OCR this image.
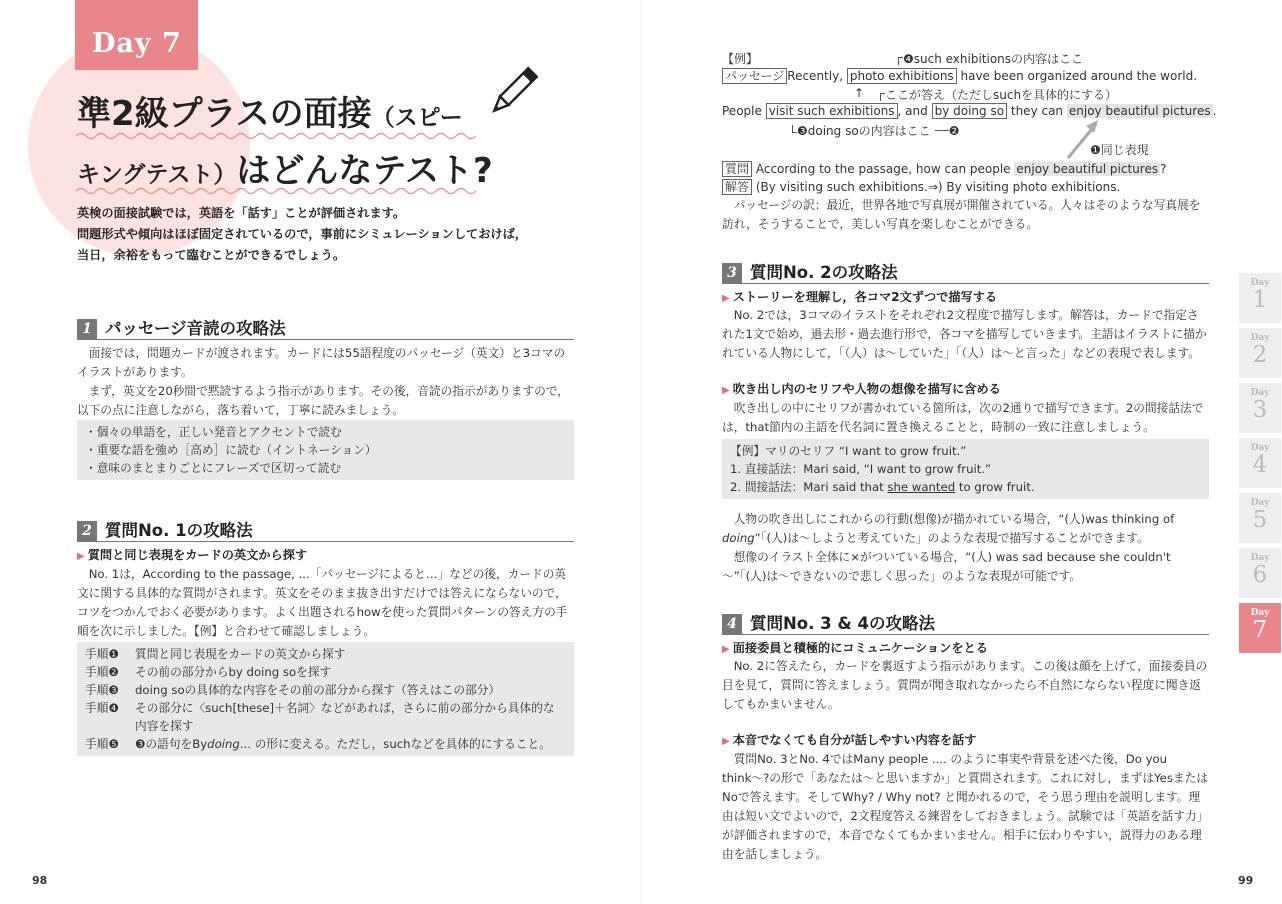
Day 7
準2級プラスの面接（スピー
キングテスト）はどんなテスト?
英検の面接試験では，英語を「話す」ことが評価されます。
問題形式や傾向はほぼ固定されているので，事前にシミュレーションしておけば，
当日，余裕をもって臨むことができるでしょう。
1 パッセージ音読の攻略法

面接では，問題カードが渡されます。カードには55語程度のパッセージ（英文）と3コマのイラストがあります。

まず，英文を20秒間で黙読するよう指示があります。その後，音読の指示がありますので，以下の点に注意しながら，落ち着いて，丁寧に読みましょう。

・個々の単語を，正しい発音とアクセントで読む
・重要な語を強め［高め］に読む（イントネーション）
・意味のまとまりごとにフレーズで区切って読む
2 質問No. 1の攻略法
▶ 質問と同じ表現をカードの英文から探す

No. 1は，According to the passage, ...「パッセージによると…」などの後，カードの英文に関する具体的な質問がされます。英文をそのまま抜き出すだけでは答えにならないので，コツをつかんでおく必要があります。よく出題されるhowを使った質問パターンの答え方の手順を次に示しました。【例】と合わせて確認しましょう。

手順❶	質問と同じ表現をカードの英文から探す
手順❷	その前の部分からby doing soを探す
手順❸	doing soの具体的な内容をその前の部分から探す（答えはこの部分）
手順❹	その部分に〈such[these]＋名詞〉などがあれば，さらに前の部分から具体的な
内容を探す
手順❺	❸の語句をBy doing ... の形に変える。ただし，suchなどを具体的にすること。
98
【例】	❹such exhibitionsの内容はここ
パッセージ Recently, photo exhibitions have been organized around the world.
↑	ここが答え（ただしsuchを具体的にする）
People visit such exhibitions , and by doing so they can enjoy beautiful pictures .
❸doing soの内容はここ ❷
❶同じ表現
質問 According to the passage, how can people enjoy beautiful pictures ?
解答 (By visiting such exhibitions.⇒) By visiting photo exhibitions.

パッセージの訳：最近，世界各地で写真展が開催されている。人々はそのような写真展を訪れ，そうすることで，美しい写真を楽しむことができる。

3 質問No. 2の攻略法
▶ ストーリーを理解し，各コマ2文ずつで描写する

No. 2では，3コマのイラストをそれぞれ2文程度で描写します。解答は，カードで指定された1文で始め，過去形・過去進行形で，各コマを描写していきます。主語はイラストに描かれている人物にして，「（人）は〜していた」「（人）は〜と言った」などの表現で表します。

▶ 吹き出し内のセリフや人物の想像を描写に含める

吹き出しの中にセリフが書かれている箇所は，次の2通りで描写できます。2の間接話法では，that節内の主語を代名詞に置き換えることと，時制の一致に注意しましょう。

【例】マリのセリフ “I want to grow fruit.”
1. 直接話法：Mari said, “I want to grow fruit.”
2. 間接話法：Mari said that she wanted to grow fruit.

人物の吹き出しにこれからの行動(想像)が描かれている場合，“(人)was thinking of doing”「(人)は〜しようと考えていた」のような表現で描写することができます。

想像のイラスト全体に×がついている場合，“(人) was sad because she couldn't 〜”「(人)は〜できないので悲しく思った」のような表現が可能です。

4 質問No. 3 & 4の攻略法
▶ 面接委員と積極的にコミュニケーションをとる

No. 2に答えたら，カードを裏返すよう指示があります。この後は顔を上げて，面接委員の目を見て，質問に答えましょう。質問が聞き取れなかったら不自然にならない程度に聞き返してもかまいません。

▶ 本音でなくても自分が話しやすい内容を話す

質問No. 3とNo. 4ではMany people .... のように事実や背景を述べた後，Do you think〜?の形で「あなたは〜と思いますか」と質問されます。これに対し，まずはYesまたはNoで答えます。そしてWhy? / Why not? と聞かれるので，そう思う理由を説明します。理由は短い文でよいので，2文程度答える練習をしておきましょう。試験では「英語を話す力」が評価されますので，本音でなくてもかまいません。相手に伝わりやすい，説得力のある理由を話しましょう。

99
Day
1
Day
2
Day
3
Day
4
Day
5
Day
6
Day
7
